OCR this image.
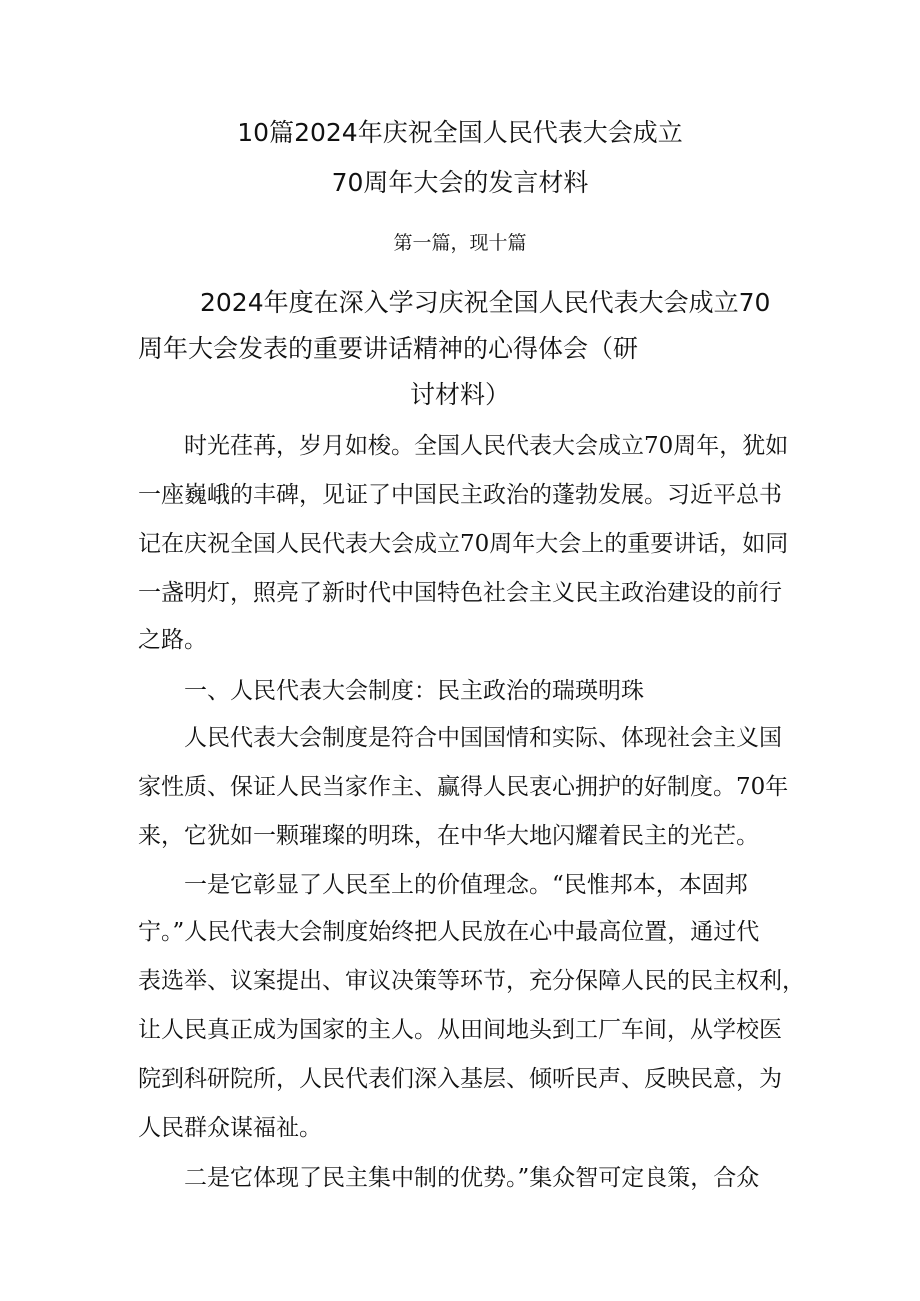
10篇2024年庆祝全国人民代表大会成立
70周年大会的发言材料
第一篇，现十篇
2024年度在深入学习庆祝全国人民代表大会成立70
周年大会发表的重要讲话精神的心得体会（研
讨材料）
时光荏苒，岁月如梭。全国人民代表大会成立70周年，犹如
一座巍峨的丰碑，见证了中国民主政治的蓬勃发展。习近平总书
记在庆祝全国人民代表大会成立70周年大会上的重要讲话，如同
一盏明灯，照亮了新时代中国特色社会主义民主政治建设的前行
之路。
一、人民代表大会制度：民主政治的瑞瑛明珠
人民代表大会制度是符合中国国情和实际、体现社会主义国
家性质、保证人民当家作主、赢得人民衷心拥护的好制度。70年
来，它犹如一颗璀璨的明珠，在中华大地闪耀着民主的光芒。
一是它彰显了人民至上的价值理念。“民惟邦本，本固邦
宁。”人民代表大会制度始终把人民放在心中最高位置，通过代
表选举、议案提出、审议决策等环节，充分保障人民的民主权利，
让人民真正成为国家的主人。从田间地头到工厂车间，从学校医
院到科研院所，人民代表们深入基层、倾听民声、反映民意，为
人民群众谋福祉。
二是它体现了民主集中制的优势。”集众智可定良策，合众
